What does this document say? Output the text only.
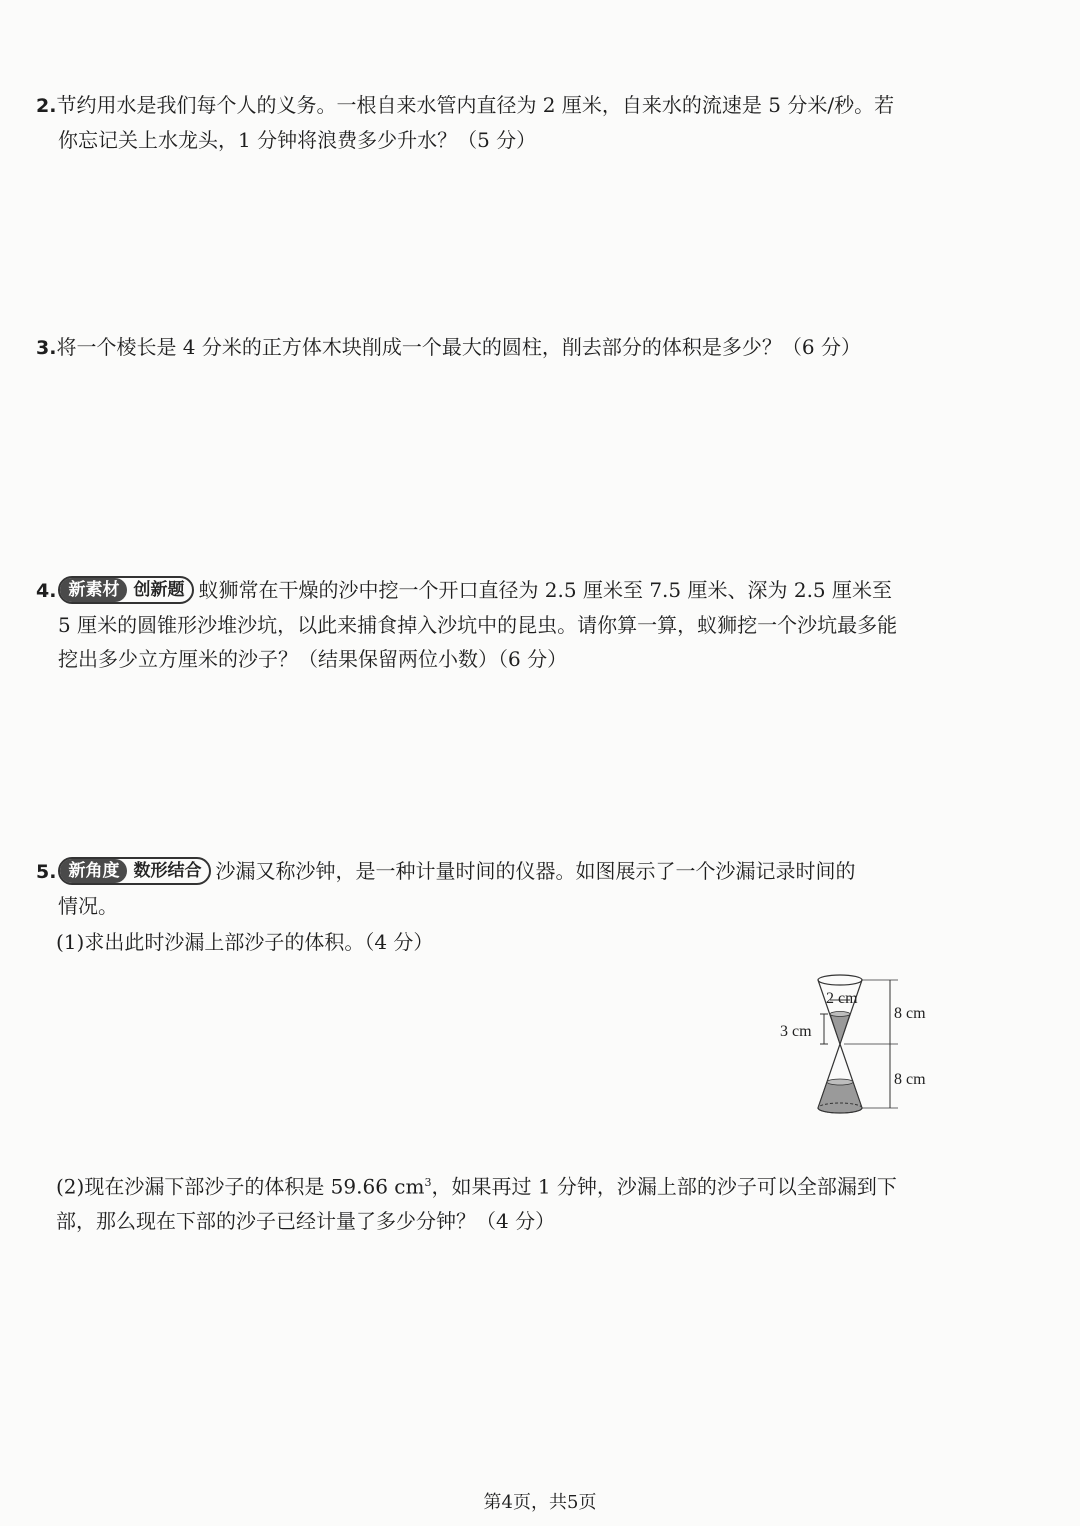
2.节约用水是我们每个人的义务。一根自来水管内直径为 2 厘米，自来水的流速是 5 分米/秒。若
你忘记关上水龙头，1 分钟将浪费多少升水？（5 分）
3.将一个棱长是 4 分米的正方体木块削成一个最大的圆柱，削去部分的体积是多少？（6 分）
4. 新素材 创新题 蚁狮常在干燥的沙中挖一个开口直径为 2.5 厘米至 7.5 厘米、深为 2.5 厘米至
5 厘米的圆锥形沙堆沙坑，以此来捕食掉入沙坑中的昆虫。请你算一算，蚁狮挖一个沙坑最多能
挖出多少立方厘米的沙子？（结果保留两位小数）（6 分）
5. 新角度 数形结合 沙漏又称沙钟，是一种计量时间的仪器。如图展示了一个沙漏记录时间的
情况。
(1)求出此时沙漏上部沙子的体积。（4 分）
2 cm
3 cm
8 cm
8 cm
(2)现在沙漏下部沙子的体积是 59.66 $cm^3$，如果再过 1 分钟，沙漏上部的沙子可以全部漏到下
部，那么现在下部的沙子已经计量了多少分钟？（4 分）
第4页，共5页
